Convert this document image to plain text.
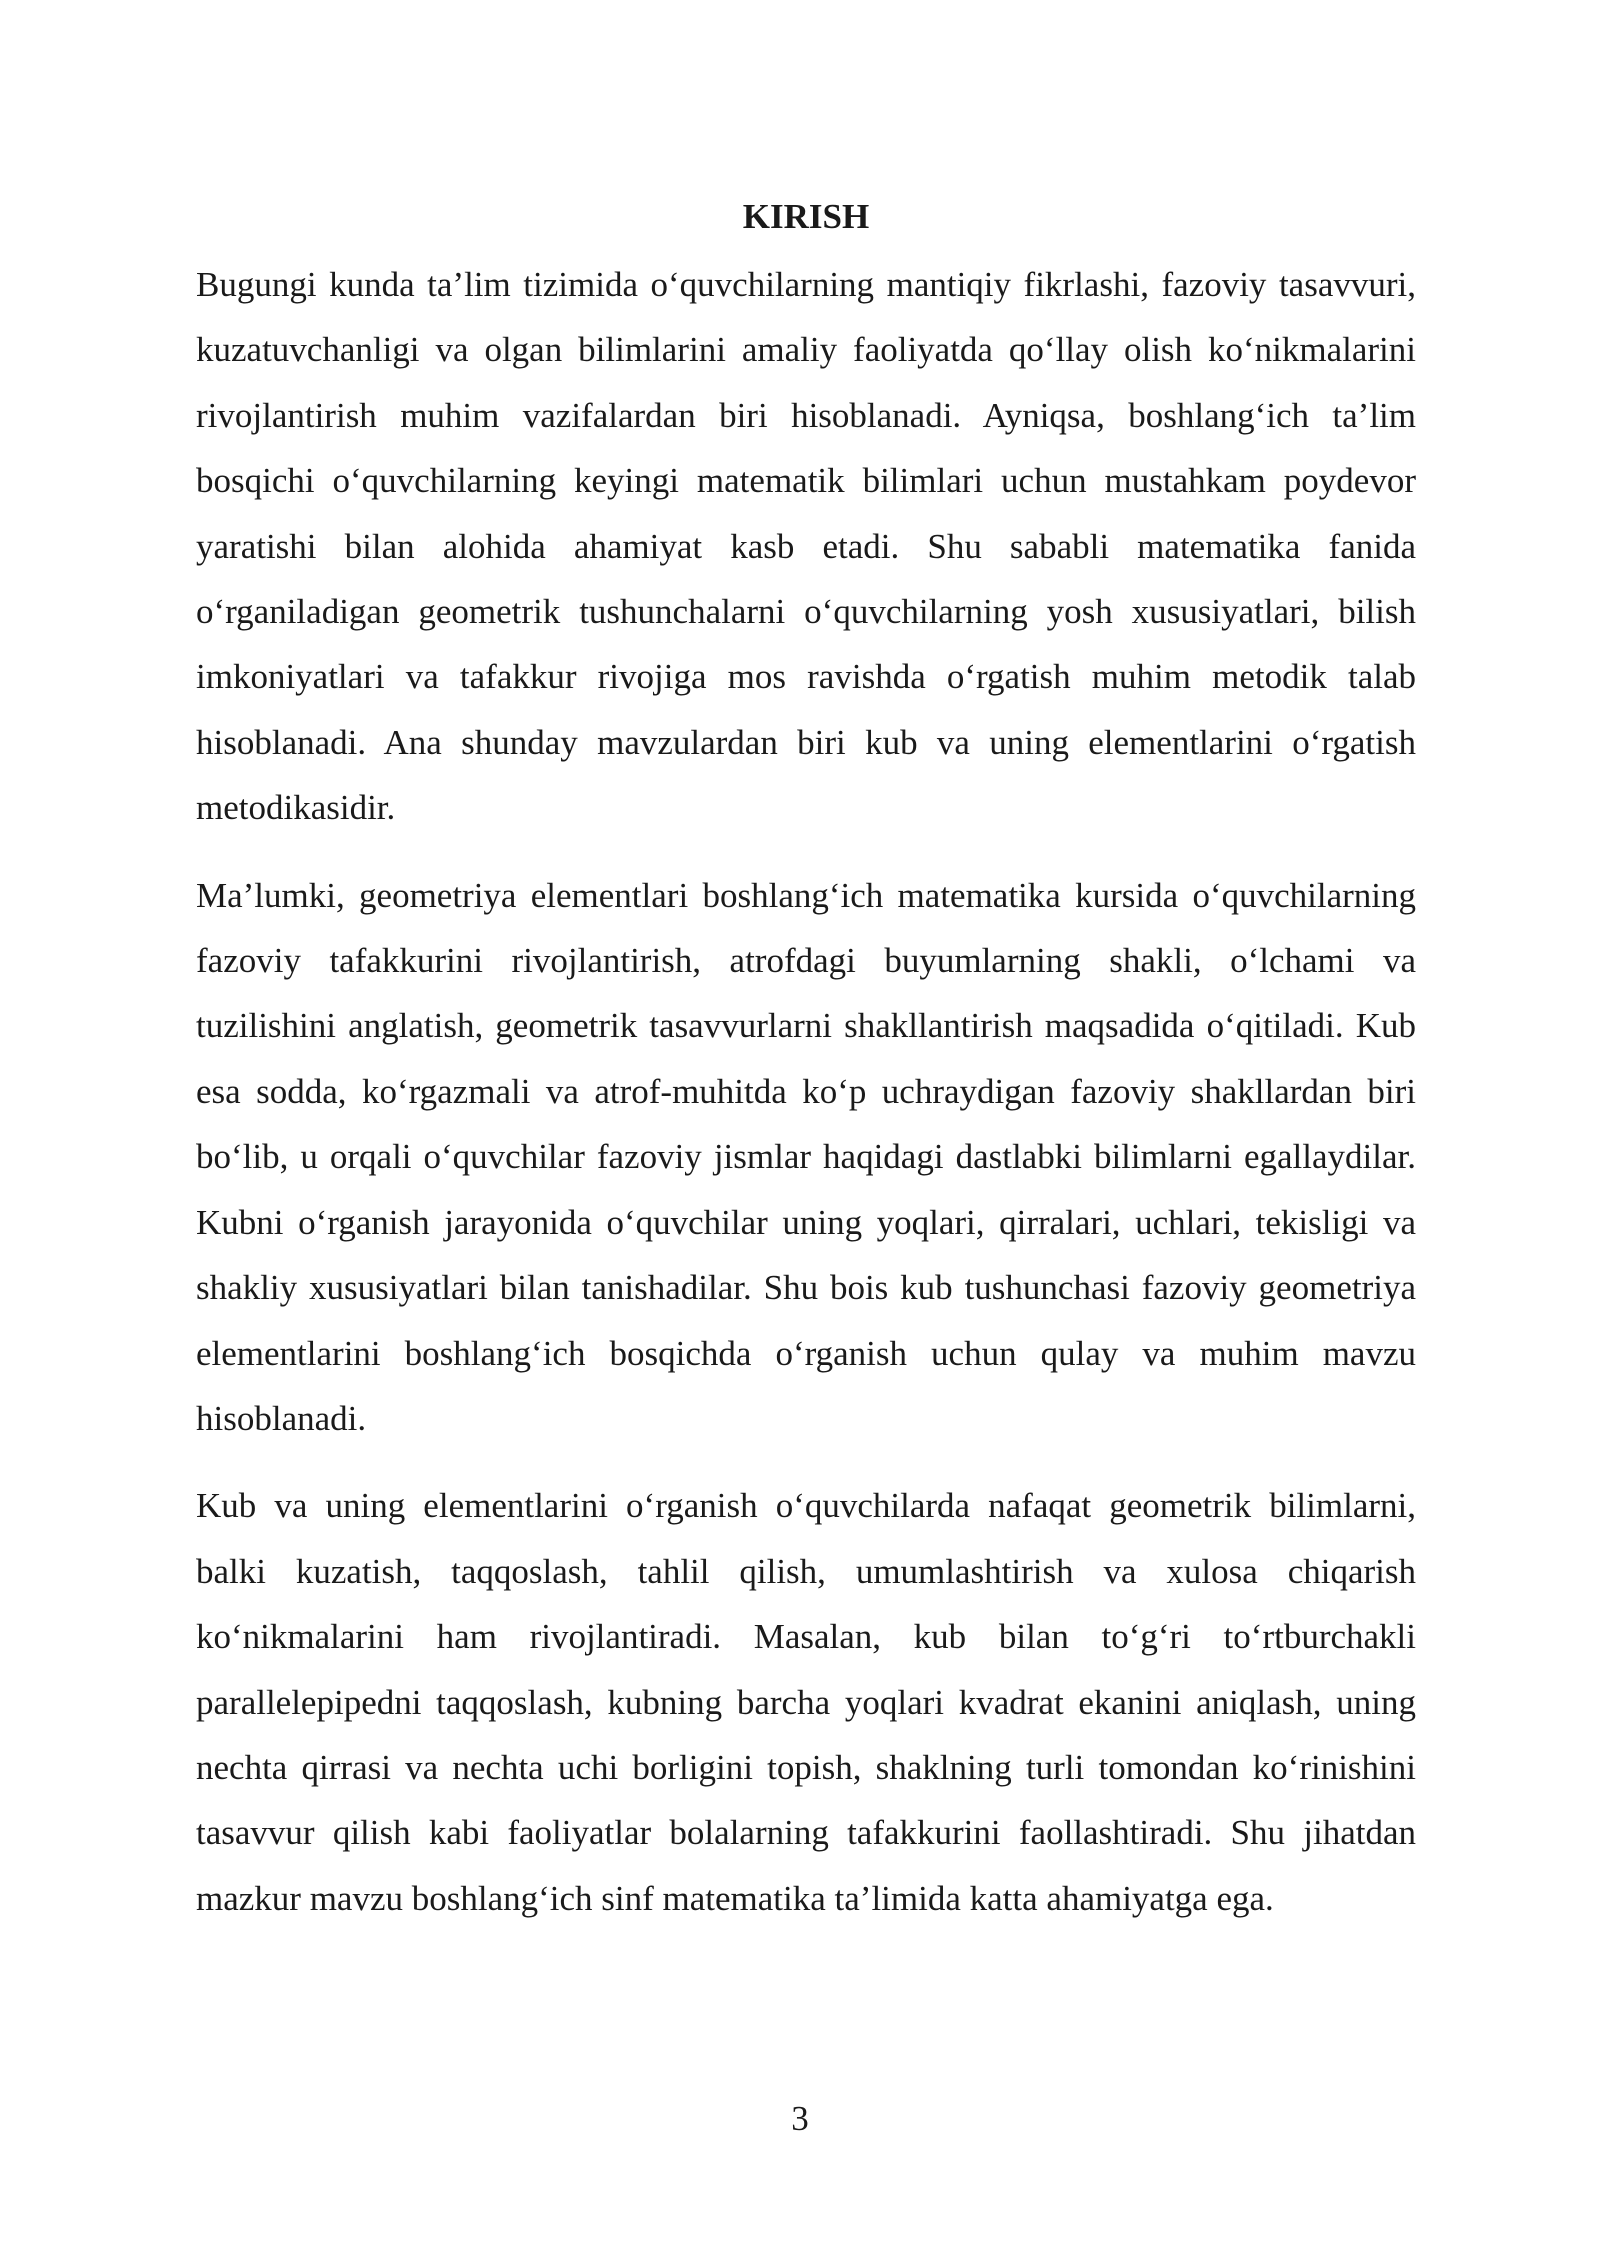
KIRISH

Bugungi kunda ta’lim tizimida o‘quvchilarning mantiqiy fikrlashi, fazoviy tasavvuri, kuzatuvchanligi va olgan bilimlarini amaliy faoliyatda qo‘llay olish ko‘nikmalarini rivojlantirish muhim vazifalardan biri hisoblanadi. Ayniqsa, boshlang‘ich ta’lim bosqichi o‘quvchilarning keyingi matematik bilimlari uchun mustahkam poydevor yaratishi bilan alohida ahamiyat kasb etadi. Shu sababli matematika fanida o‘rganiladigan geometrik tushunchalarni o‘quvchilarning yosh xususiyatlari, bilish imkoniyatlari va tafakkur rivojiga mos ravishda o‘rgatish muhim metodik talab hisoblanadi. Ana shunday mavzulardan biri kub va uning elementlarini o‘rgatish metodikasidir.

Ma’lumki, geometriya elementlari boshlang‘ich matematika kursida o‘quvchilarning fazoviy tafakkurini rivojlantirish, atrofdagi buyumlarning shakli, o‘lchami va tuzilishini anglatish, geometrik tasavvurlarni shakllantirish maqsadida o‘qitiladi. Kub esa sodda, ko‘rgazmali va atrof-muhitda ko‘p uchraydigan fazoviy shakllardan biri bo‘lib, u orqali o‘quvchilar fazoviy jismlar haqidagi dastlabki bilimlarni egallaydilar. Kubni o‘rganish jarayonida o‘quvchilar uning yoqlari, qirralari, uchlari, tekisligi va shakliy xususiyatlari bilan tanishadilar. Shu bois kub tushunchasi fazoviy geometriya elementlarini boshlang‘ich bosqichda o‘rganish uchun qulay va muhim mavzu hisoblanadi.

Kub va uning elementlarini o‘rganish o‘quvchilarda nafaqat geometrik bilimlarni, balki kuzatish, taqqoslash, tahlil qilish, umumlashtirish va xulosa chiqarish ko‘nikmalarini ham rivojlantiradi. Masalan, kub bilan to‘g‘ri to‘rtburchakli parallelepipedni taqqoslash, kubning barcha yoqlari kvadrat ekanini aniqlash, uning nechta qirrasi va nechta uchi borligini topish, shaklning turli tomondan ko‘rinishini tasavvur qilish kabi faoliyatlar bolalarning tafakkurini faollashtiradi. Shu jihatdan mazkur mavzu boshlang‘ich sinf matematika ta’limida katta ahamiyatga ega.

3
